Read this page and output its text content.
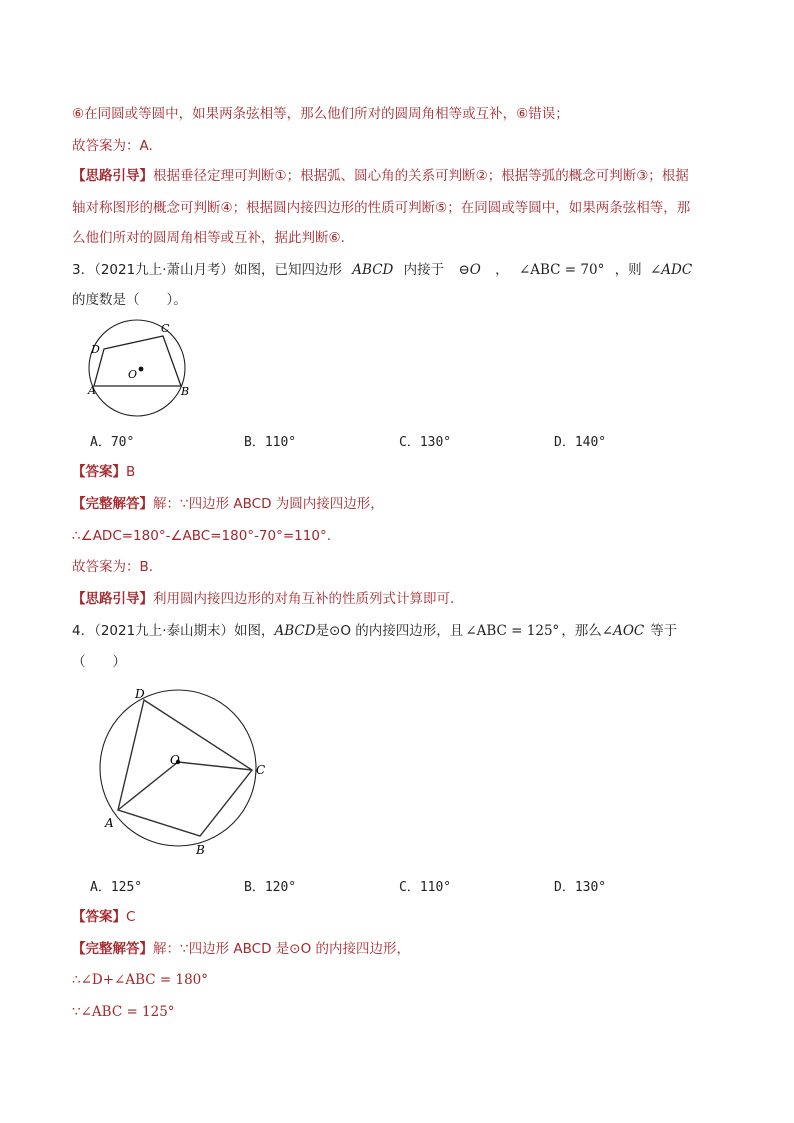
⑥在同圆或等圆中，如果两条弦相等，那么他们所对的圆周角相等或互补，⑥错误；
故答案为：A.
【思路引导】根据垂径定理可判断①；根据弧、圆心角的关系可判断②；根据等弧的概念可判断③；根据
轴对称图形的概念可判断④；根据圆内接四边形的性质可判断⑤；在同圆或等圆中，如果两条弦相等，那
么他们所对的圆周角相等或互补，据此判断⑥.
3．（2021九上·萧山月考）如图，已知四边形 ABCD 内接于 ⊖O ， ∠ABC = 70° ，则 ∠ADC
的度数是（　　）。
D
C
O
A	B
A．70°	B．110°	C．130°	D．140°
【答案】B
【完整解答】解：∵四边形 ABCD 为圆内接四边形，
∴∠ADC=180°-∠ABC=180°-70°=110°.
故答案为：B.
【思路引导】利用圆内接四边形的对角互补的性质列式计算即可.
4．（2021九上·泰山期末）如图，ABCD是⊙O 的内接四边形，且 ∠ABC = 125° ，那么∠AOC 等于
（　　）
D
C
O
A
B
A．125°	B．120°	C．110°	D．130°
【答案】C
【完整解答】解：∵四边形 ABCD 是⊙O 的内接四边形，
∴∠D+∠ABC = 180°
∵∠ABC = 125°
